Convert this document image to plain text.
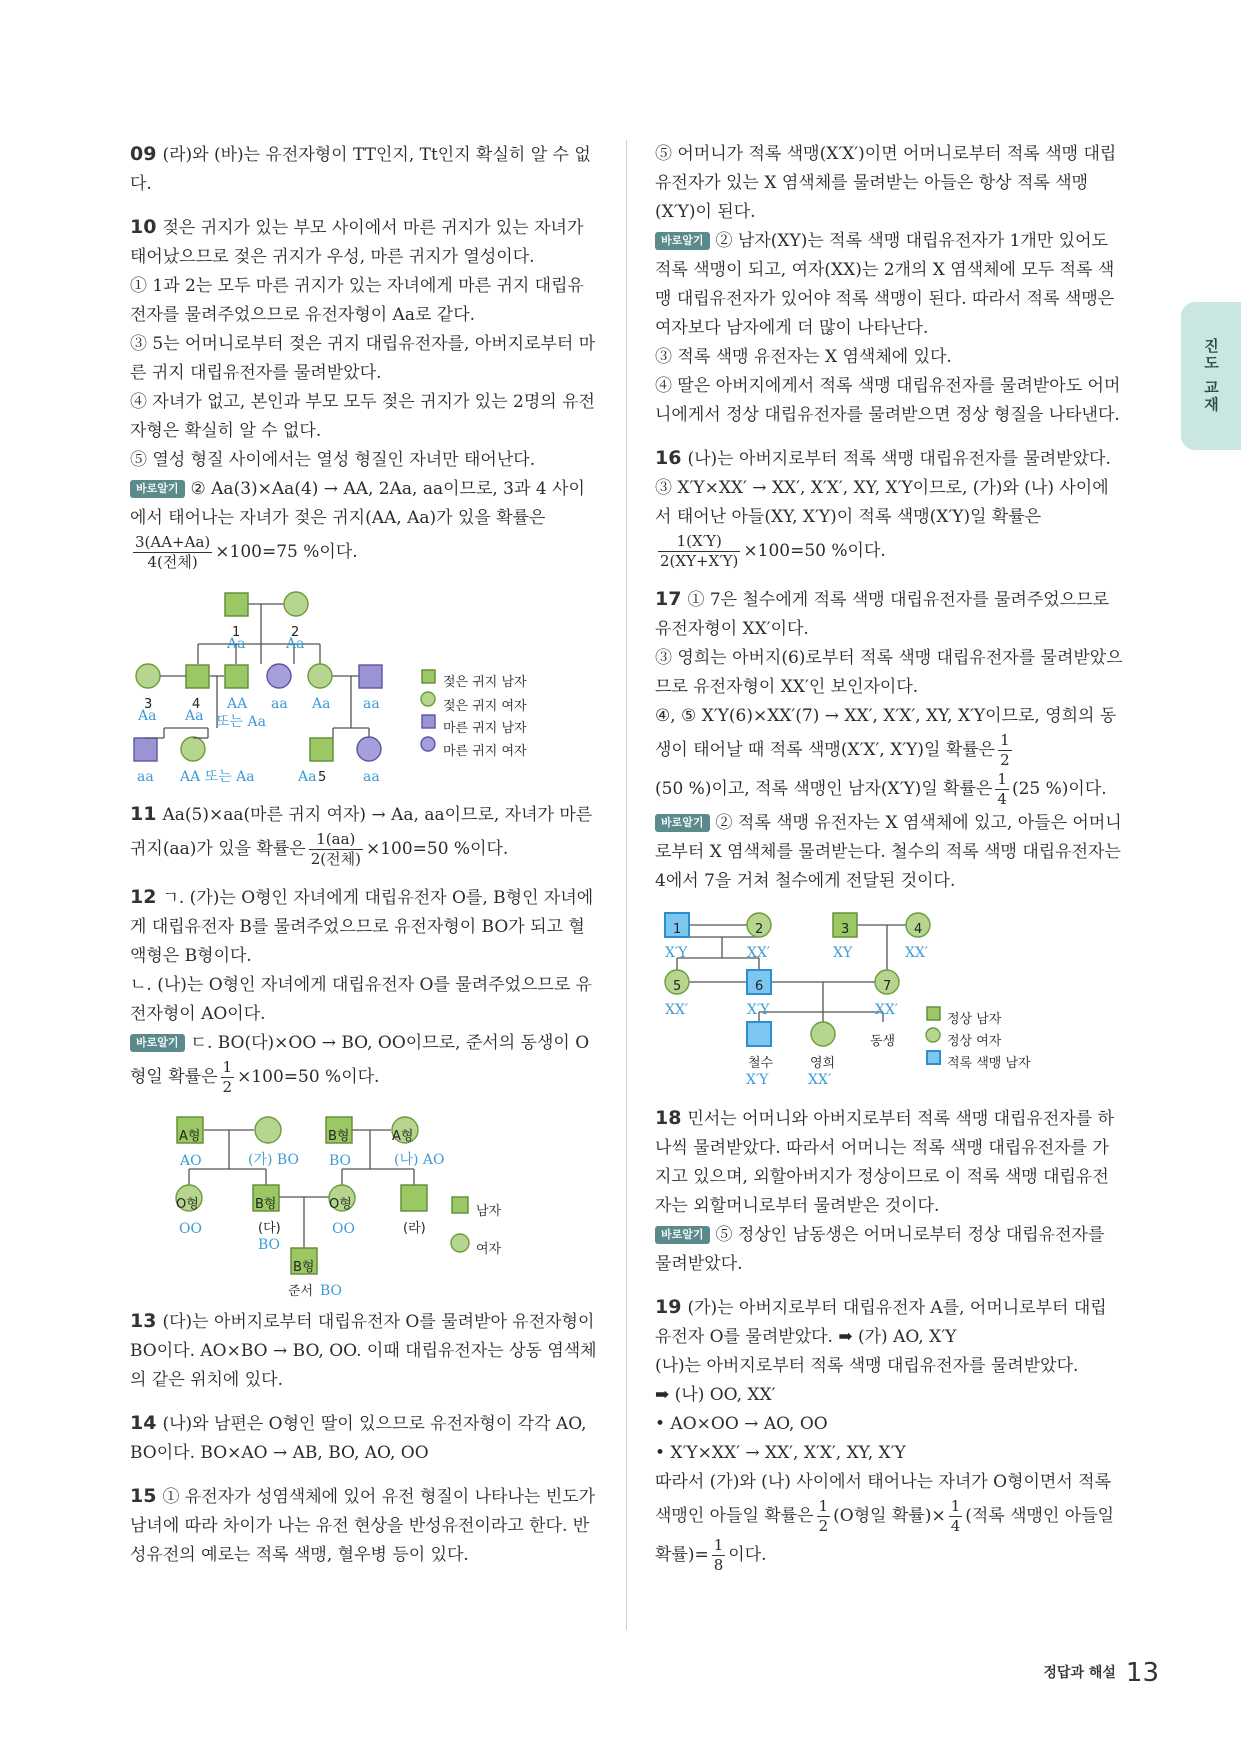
진도 교재

09 (라)와 (바)는 유전자형이 TT인지, Tt인지 확실히 알 수 없다.

10 젖은 귀지가 있는 부모 사이에서 마른 귀지가 있는 자녀가 태어났으므로 젖은 귀지가 우성, 마른 귀지가 열성이다.

① 1과 2는 모두 마른 귀지가 있는 자녀에게 마른 귀지 대립유전자를 물려주었으므로 유전자형이 Aa로 같다.

③ 5는 어머니로부터 젖은 귀지 대립유전자를, 아버지로부터 마른 귀지 대립유전자를 물려받았다.

④ 자녀가 없고, 본인과 부모 모두 젖은 귀지가 있는 2명의 유전자형은 확실히 알 수 없다.

⑤ 열성 형질 사이에서는 열성 형질인 자녀만 태어난다.

바로알기 ② Aa(3)×Aa(4) → AA, 2Aa, aa이므로, 3과 4 사이에서 태어나는 자녀가 젖은 귀지(AA, Aa)가 있을 확률은

$\frac{3(AA+Aa)}{\text{4(전체)}} \times 100=75$ %이다.

1
Aa
2
Aa
3
Aa
4
Aa
AA
또는 Aa
aa Aa aa
aa AA 또는 Aa	Aa 5	aa
젖은 귀지 남자
젖은 귀지 여자
마른 귀지 남자
마른 귀지 여자

11 Aa(5)×aa(마른 귀지 여자) → Aa, aa이므로, 자녀가 마른 귀지(aa)가 있을 확률은 $\frac{1(aa)}{\text{2(전체)}} \times 100=50$ %이다.

12 ㄱ. (가)는 O형인 자녀에게 대립유전자 O를, B형인 자녀에게 대립유전자 B를 물려주었으므로 유전자형이 BO가 되고 혈액형은 B형이다.

ㄴ. (나)는 O형인 자녀에게 대립유전자 O를 물려주었으므로 유전자형이 AO이다.

바로알기 ㄷ. BO(다)×OO → BO, OO이므로, 준서의 동생이 O형일 확률은 $\frac{1}{2} \times 100=50$ %이다.

A형
AO	(가) BO
B형
BO
A형
(나) AO
O형
OO
B형
(다)
BO
O형
OO	(라)
B형
준서 BO
남자
여자

13 (다)는 아버지로부터 대립유전자 O를 물려받아 유전자형이 BO이다. AO×BO → BO, OO. 이때 대립유전자는 상동 염색체의 같은 위치에 있다.

14 (나)와 남편은 O형인 딸이 있으므로 유전자형이 각각 AO, BO이다. BO×AO → AB, BO, AO, OO

15 ① 유전자가 성염색체에 있어 유전 형질이 나타나는 빈도가 남녀에 따라 차이가 나는 유전 현상을 반성유전이라고 한다. 반성유전의 예로는 적록 색맹, 혈우병 등이 있다.

⑤ 어머니가 적록 색맹(X′X′)이면 어머니로부터 적록 색맹 대립유전자가 있는 X 염색체를 물려받는 아들은 항상 적록 색맹(X′Y)이 된다.

바로알기 ② 남자(XY)는 적록 색맹 대립유전자가 1개만 있어도 적록 색맹이 되고, 여자(XX)는 2개의 X 염색체에 모두 적록 색맹 대립유전자가 있어야 적록 색맹이 된다. 따라서 적록 색맹은 여자보다 남자에게 더 많이 나타난다.

③ 적록 색맹 유전자는 X 염색체에 있다.

④ 딸은 아버지에게서 적록 색맹 대립유전자를 물려받아도 어머니에게서 정상 대립유전자를 물려받으면 정상 형질을 나타낸다.

16 (나)는 아버지로부터 적록 색맹 대립유전자를 물려받았다. ③ X′Y×XX′ → XX′, X′X′, XY, X′Y이므로, (가)와 (나) 사이에서 태어난 아들(XY, X′Y)이 적록 색맹(X′Y)일 확률은
$\frac{1(X'Y)}{2(XY+X'Y)} \times 100=50$ %이다.

17 ① 7은 철수에게 적록 색맹 대립유전자를 물려주었으므로 유전자형이 XX′이다.

③ 영희는 아버지(6)로부터 적록 색맹 대립유전자를 물려받았으므로 유전자형이 XX′인 보인자이다.

④, ⑤ X′Y(6)×XX′(7) → XX′, X′X′, XY, X′Y이므로, 영희의 동생이 태어날 때 적록 색맹(X′X′, X′Y)일 확률은 $\frac{1}{2}$

(50 %)이고, 적록 색맹인 남자(X′Y)일 확률은 $\frac{1}{4} (25$ %)이다.

바로알기 ② 적록 색맹 유전자는 X 염색체에 있고, 아들은 어머니로부터 X 염색체를 물려받는다. 철수의 적록 색맹 대립유전자는 4에서 7을 거쳐 철수에게 전달된 것이다.

1
X′Y
2
XX′
3
XY
4
XX′
5
XX′
6
X′Y
7
XX′
동생
철수
X′Y
영희
XX′
정상 남자
정상 여자
적록 색맹 남자

18 민서는 어머니와 아버지로부터 적록 색맹 대립유전자를 하나씩 물려받았다. 따라서 어머니는 적록 색맹 대립유전자를 가지고 있으며, 외할아버지가 정상이므로 이 적록 색맹 대립유전자는 외할머니로부터 물려받은 것이다.

바로알기 ⑤ 정상인 남동생은 어머니로부터 정상 대립유전자를 물려받았다.

19 (가)는 아버지로부터 대립유전자 A를, 어머니로부터 대립유전자 O를 물려받았다. ➡ (가) AO, X′Y

(나)는 아버지로부터 적록 색맹 대립유전자를 물려받았다.

➡ (나) OO, XX′

• AO×OO → AO, OO

• X′Y×XX′ → XX′, X′X′, XY, X′Y

따라서 (가)와 (나) 사이에서 태어나는 자녀가 O형이면서 적록 색맹인 아들일 확률은 $\frac{1}{2} (O$형일 확률)× $\frac{1}{4}$ (적록 색맹인 아들일

확률)= $\frac{1}{8}$ 이다.

정답과 해설 13
